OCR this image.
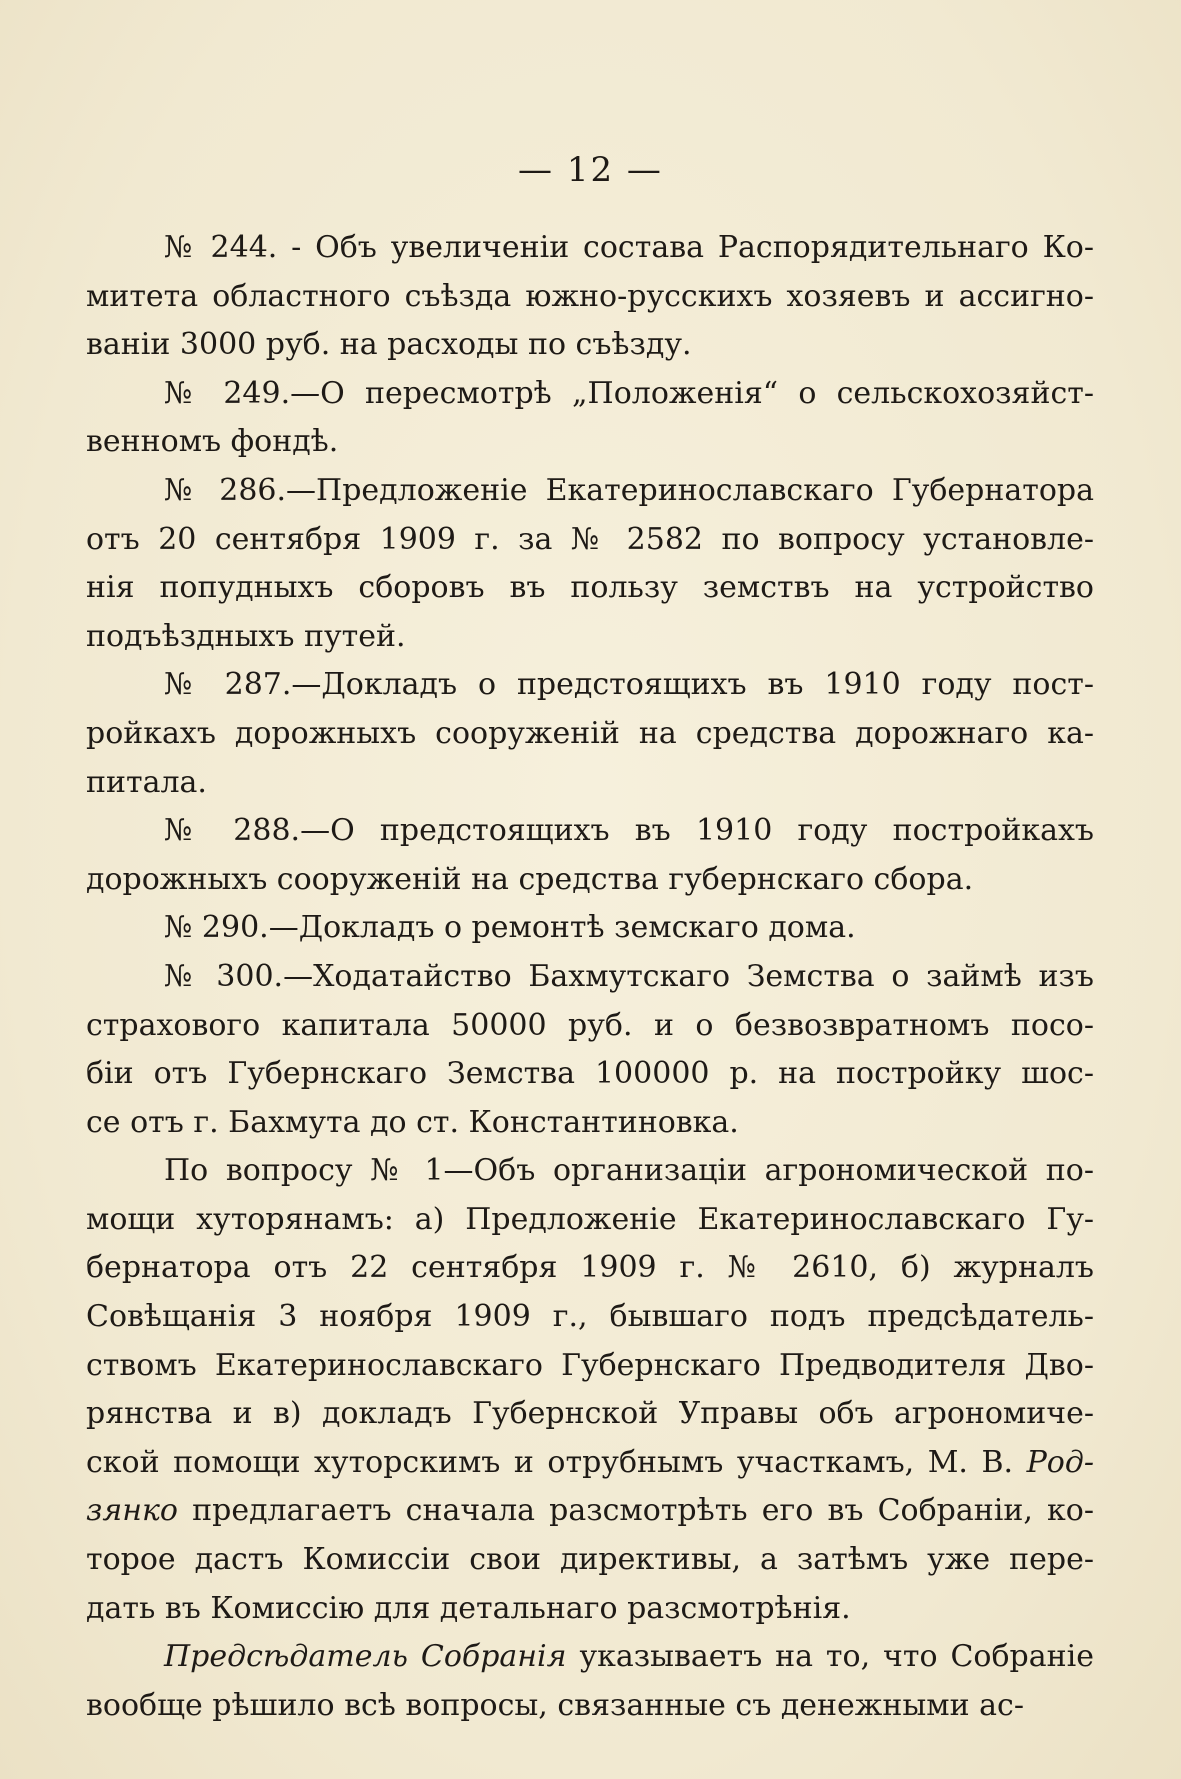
— 12 —
№ 244. - Объ увеличеніи состава Распорядительнаго Ко-
митета областного съѣзда южно-русскихъ хозяевъ и ассигно-
ваніи 3000 руб. на расходы по съѣзду.
№ 249.—О пересмотрѣ „Положенія“ о сельскохозяйст-
венномъ фондѣ.
№ 286.—Предложеніе Екатеринославскаго Губернатора
отъ 20 сентября 1909 г. за № 2582 по вопросу установле-
нія попудныхъ сборовъ въ пользу земствъ на устройство
подъѣздныхъ путей.
№ 287.—Докладъ о предстоящихъ въ 1910 году пост-
ройкахъ дорожныхъ сооруженій на средства дорожнаго ка-
питала.
№ 288.—О предстоящихъ въ 1910 году постройкахъ
дорожныхъ сооруженій на средства губернскаго сбора.
№ 290.—Докладъ о ремонтѣ земскаго дома.
№ 300.—Ходатайство Бахмутскаго Земства о займѣ изъ
страхового капитала 50000 руб. и о безвозвратномъ посо-
біи отъ Губернскаго Земства 100000 р. на постройку шос-
се отъ г. Бахмута до ст. Константиновка.
По вопросу № 1—Объ организаціи агрономической по-
мощи хуторянамъ: а) Предложеніе Екатеринославскаго Гу-
бернатора отъ 22 сентября 1909 г. № 2610, б) журналъ
Совѣщанія 3 ноября 1909 г., бывшаго подъ предсѣдатель-
ствомъ Екатеринославскаго Губернскаго Предводителя Дво-
рянства и в) докладъ Губернской Управы объ агрономиче-
ской помощи хуторскимъ и отрубнымъ участкамъ, М. В. Род-
зянко предлагаетъ сначала разсмотрѣть его въ Собраніи, ко-
торое дастъ Комиссіи свои директивы, а затѣмъ уже пере-
дать въ Комиссію для детальнаго разсмотрѣнія.
Предсѣдатель Собранія указываетъ на то, что Собраніе
вообще рѣшило всѣ вопросы, связанные съ денежными ас-
